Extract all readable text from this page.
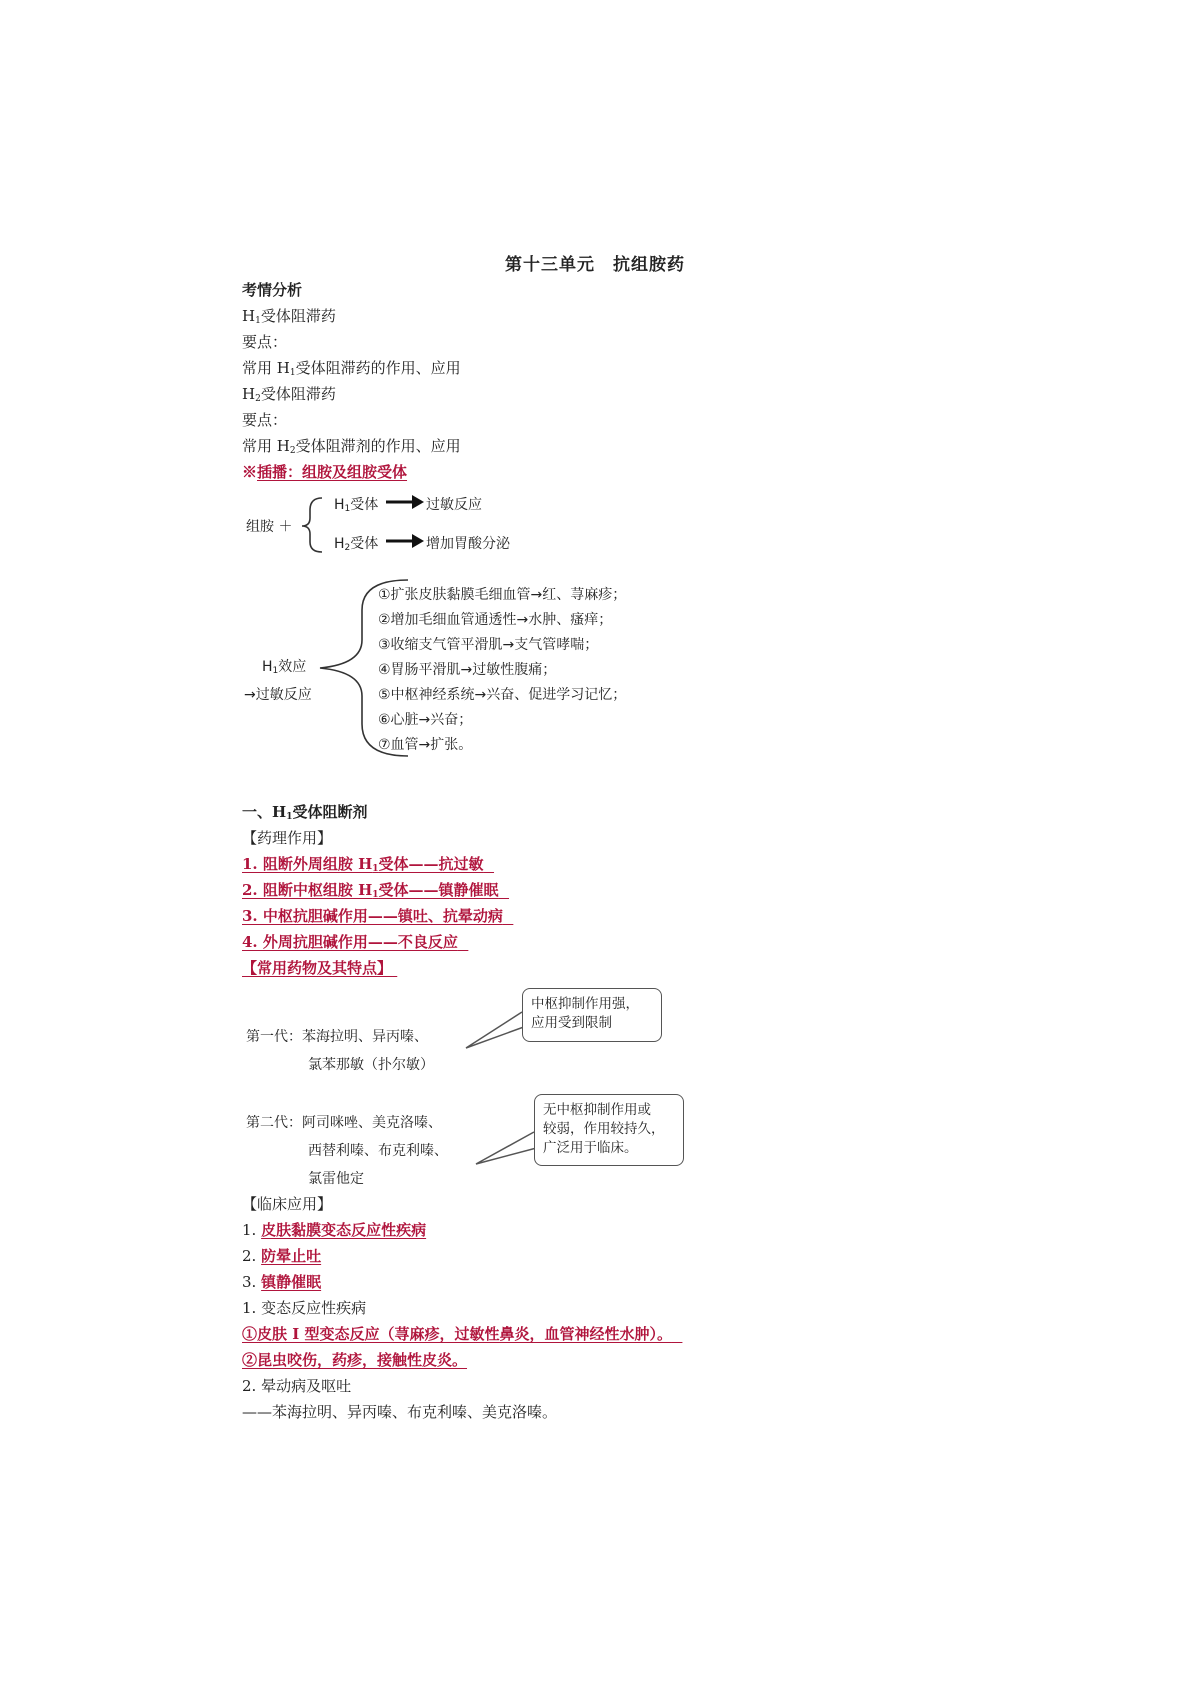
第十三单元　抗组胺药
考情分析
$H_1$受体阻滞药
要点：
常用 $H_1$受体阻滞药的作用、应用
$H_2$受体阻滞药
要点：
常用 $H_2$受体阻滞剂的作用、应用
※插播：组胺及组胺受体
组胺 ＋
$H_1$受体	过敏反应
$H_2$受体	增加胃酸分泌
$H_1$效应
→过敏反应
①扩张皮肤黏膜毛细血管→红、荨麻疹；
②增加毛细血管通透性→水肿、瘙痒；
③收缩支气管平滑肌→支气管哮喘；
④胃肠平滑肌→过敏性腹痛；
⑤中枢神经系统→兴奋、促进学习记忆；
⑥心脏→兴奋；
⑦血管→扩张。
一、$H_1$受体阻断剂
【药理作用】
1. 阻断外周组胺 $H_1$受体——抗过敏
2. 阻断中枢组胺 $H_1$受体——镇静催眠
3. 中枢抗胆碱作用——镇吐、抗晕动病
4. 外周抗胆碱作用——不良反应
【常用药物及其特点】
第一代：苯海拉明、异丙嗪、
氯苯那敏（扑尔敏）
中枢抑制作用强，
应用受到限制
第二代：阿司咪唑、美克洛嗪、
西替利嗪、布克利嗪、
氯雷他定
无中枢抑制作用或
较弱，作用较持久，
广泛用于临床。
【临床应用】
1. 皮肤黏膜变态反应性疾病
2. 防晕止吐
3. 镇静催眠
1. 变态反应性疾病
①皮肤 I 型变态反应（荨麻疹，过敏性鼻炎，血管神经性水肿）。
②昆虫咬伤，药疹，接触性皮炎。
2. 晕动病及呕吐
——苯海拉明、异丙嗪、布克利嗪、美克洛嗪。
